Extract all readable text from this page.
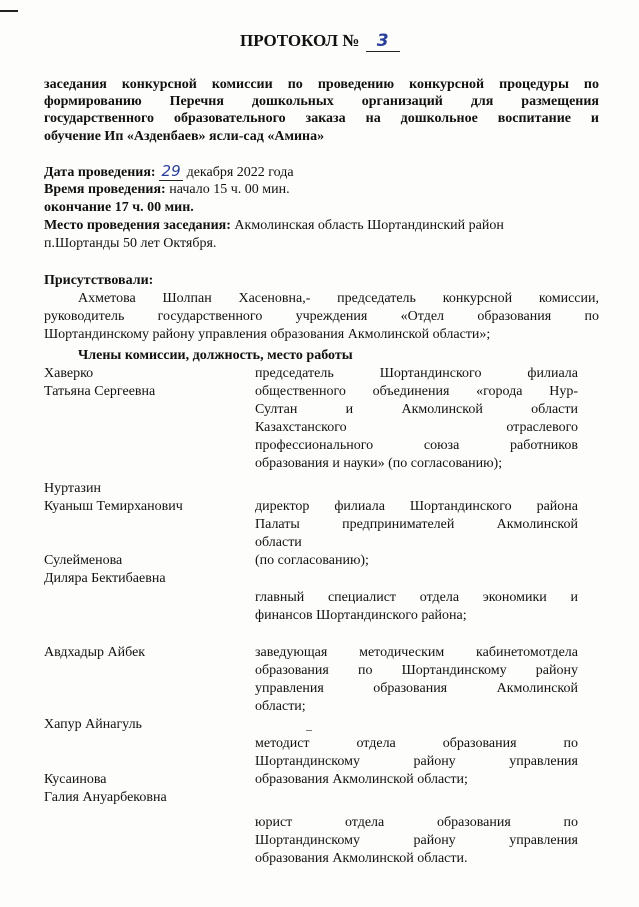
ПРОТОКОЛ № 3
заседания конкурсной комиссии по проведению конкурсной процедуры по
формированию Перечня дошкольных организаций для размещения
государственного образовательного заказа на дошкольное воспитание и
обучение Ип «Азденбаев» ясли-сад «Амина»
Дата проведения: 29 декабря 2022 года
Время проведения: начало 15 ч. 00 мин.
окончание 17 ч. 00 мин.
Место проведения заседания: Акмолинская область Шортандинский район
п.Шортанды 50 лет Октября.
Присутствовали:
Ахметова Шолпан Хасеновна,- председатель конкурсной комиссии,
руководитель государственного учреждения «Отдел образования по
Шортандинскому району управления образования Акмолинской области»;
Члены комиссии, должность, место работы
Хаверко
Татьяна Сергеевна
председатель Шортандинского филиала
общественного объединения «города Нур-
Султан и Акмолинской области
Казахстанского отраслевого
профессионального союза работников
образования и науки» (по согласованию);
Нуртазин
Куаныш Темирханович	директор филиала Шортандинского района
Палаты предпринимателей Акмолинской
области
(по согласованию);
Сулейменова
Диляра Бектибаевна
главный специалист отдела экономики и
финансов Шортандинского района;
Авдхадыр Айбек	заведующая методическим кабинетомотдела
образования по Шортандинскому району
управления образования Акмолинской
области;
Хапур Айнагуль
методист отдела образования по
Шортандинскому району управления
образования Акмолинской области;
Кусаинова
Галия Ануарбековна
юрист отдела образования по
Шортандинскому району управления
образования Акмолинской области.
